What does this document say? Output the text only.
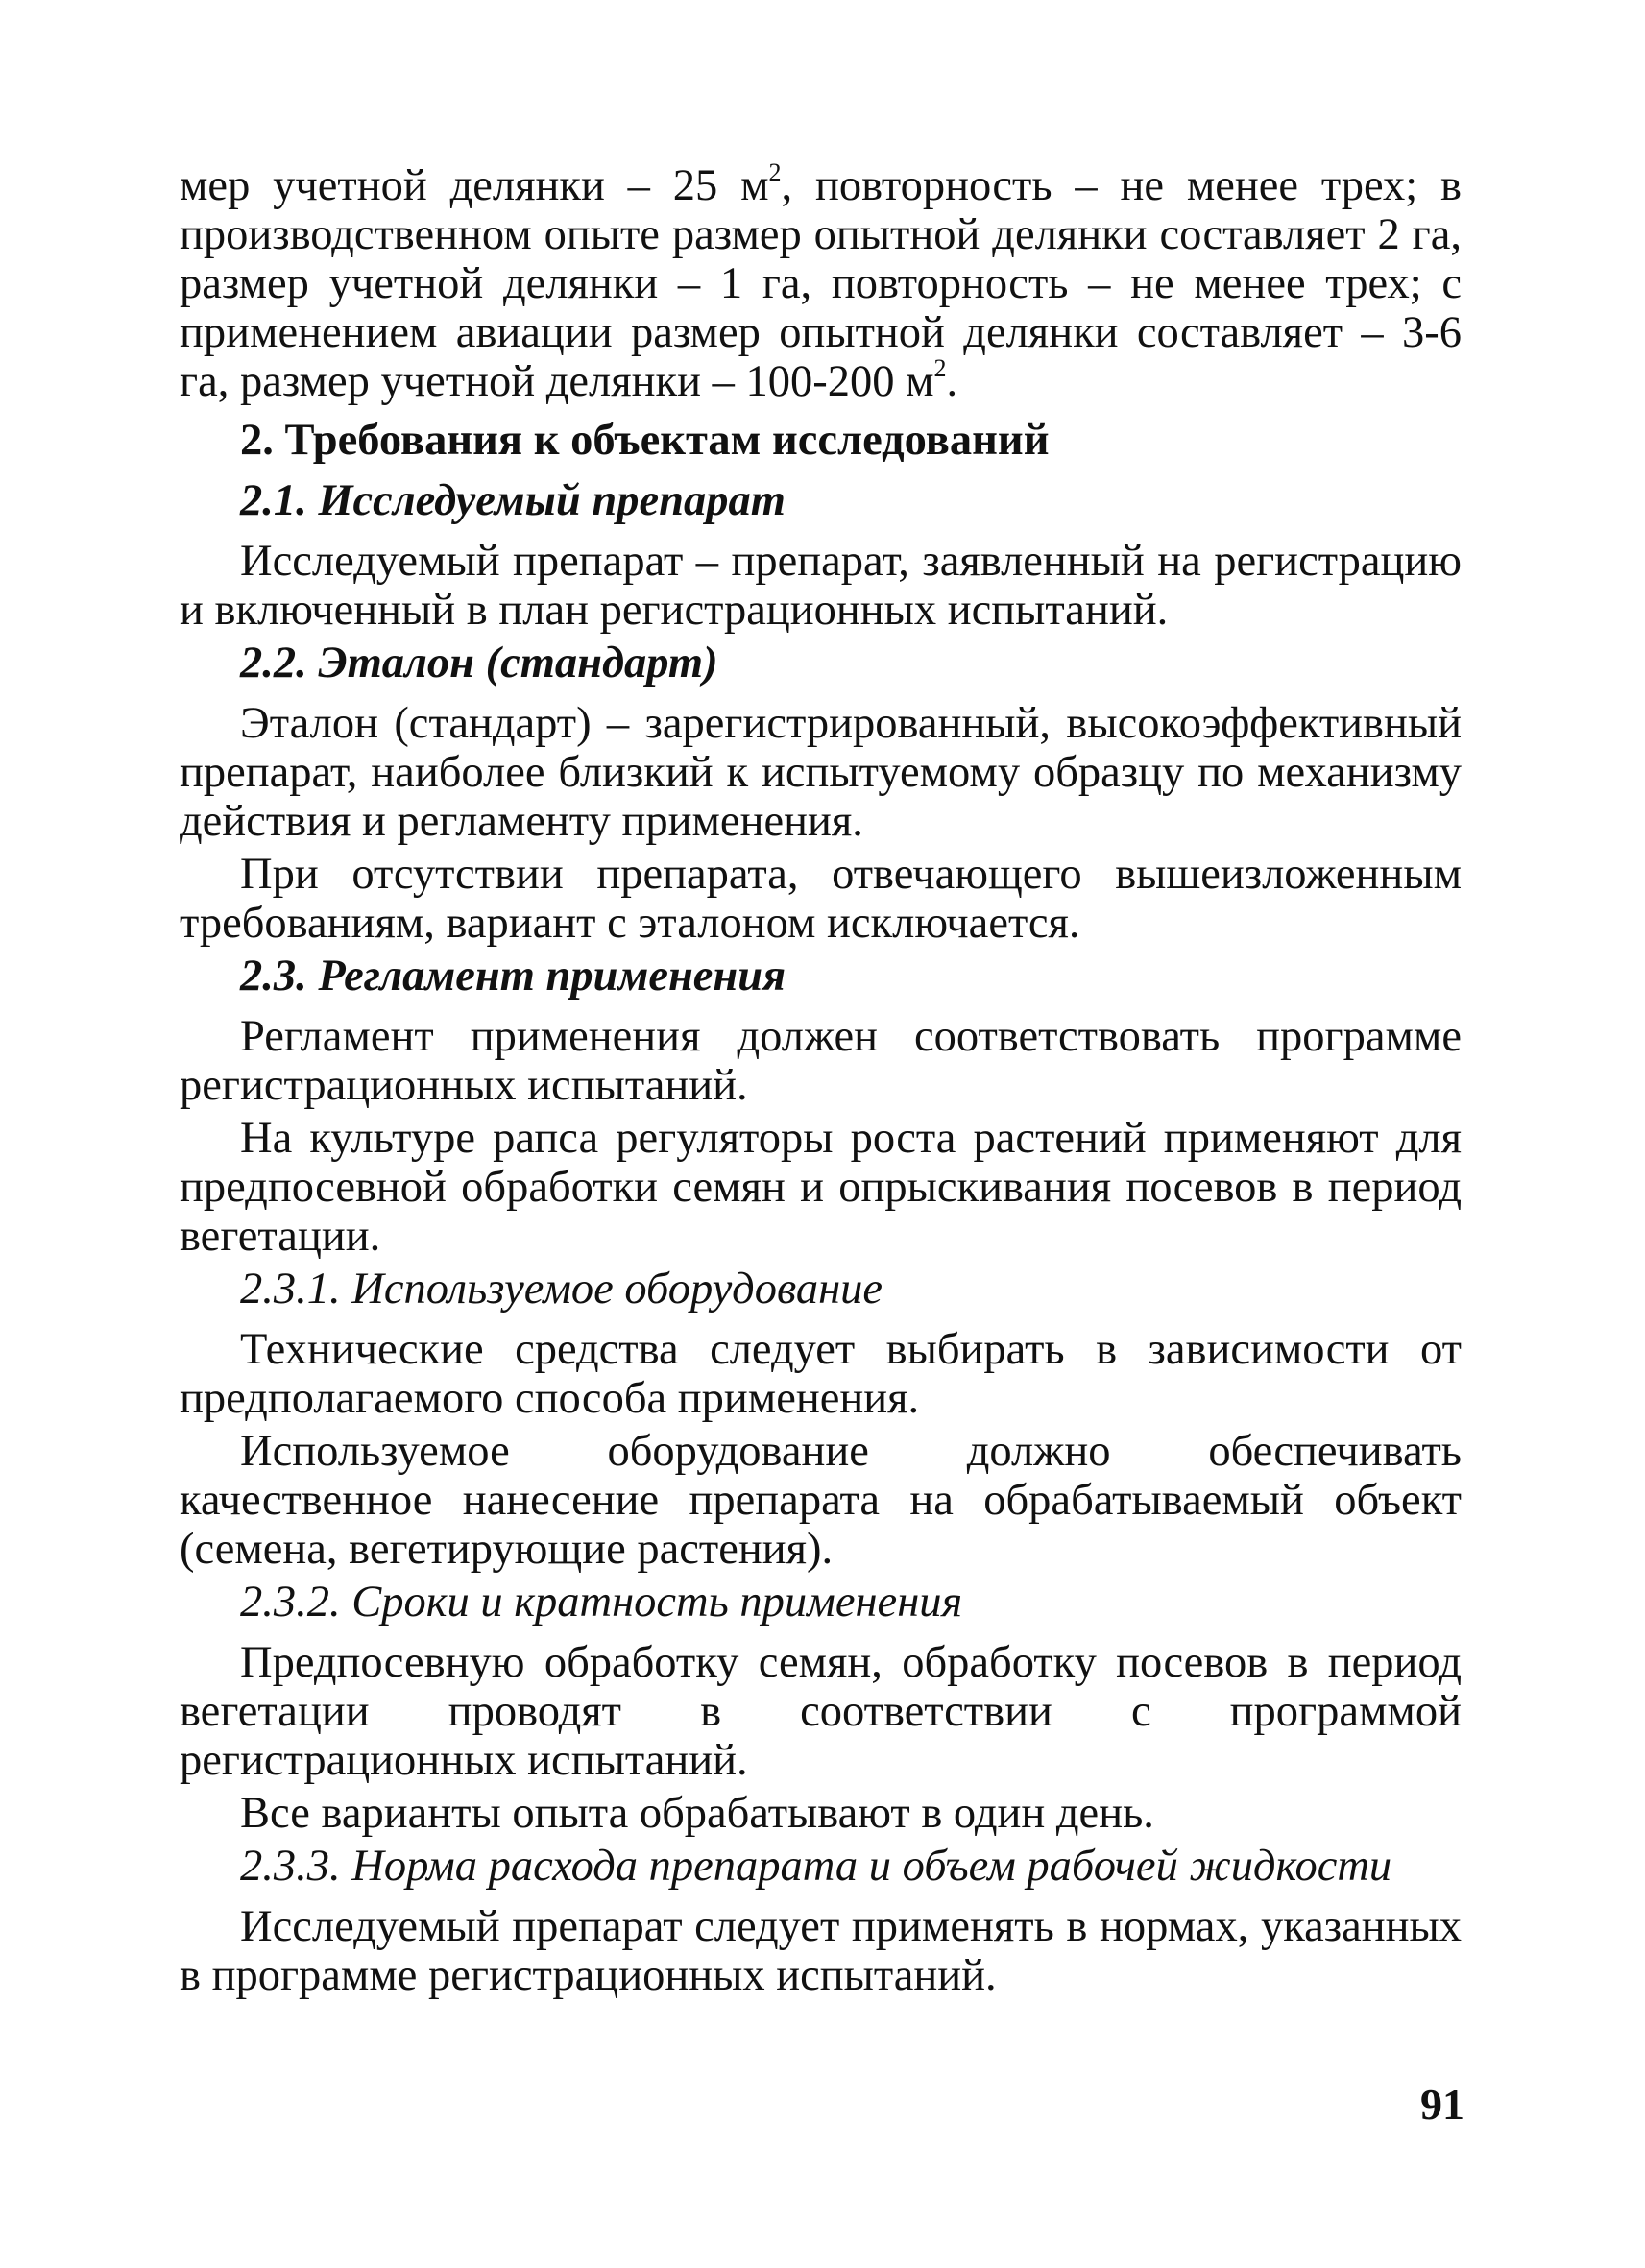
мер учетной делянки – 25 $м^2$, повторность – не менее трех; в производственном опыте размер опытной делянки составляет 2 га, размер учетной делянки – 1 га, повторность – не менее трех; с применением авиации размер опытной делянки составляет – 3-6 га, размер учетной делянки – 100-200 $м^2$.

2. Требования к объектам исследований
2.1. Исследуемый препарат

Исследуемый препарат – препарат, заявленный на регистрацию и включенный в план регистрационных испытаний.

2.2. Эталон (стандарт)

Эталон (стандарт) – зарегистрированный, высокоэффективный препарат, наиболее близкий к испытуемому образцу по механизму действия и регламенту применения.

При отсутствии препарата, отвечающего вышеизложенным требованиям, вариант с эталоном исключается.

2.3. Регламент применения

Регламент применения должен соответствовать программе регистрационных испытаний.

На культуре рапса регуляторы роста растений применяют для предпосевной обработки семян и опрыскивания посевов в период вегетации.

2.3.1. Используемое оборудование

Технические средства следует выбирать в зависимости от предполагаемого способа применения.

Используемое оборудование должно обеспечивать качественное нанесение препарата на обрабатываемый объект (семена, вегетирующие растения).

2.3.2. Сроки и кратность применения

Предпосевную обработку семян, обработку посевов в период вегетации проводят в соответствии с программой регистрационных испытаний.

Все варианты опыта обрабатывают в один день.

2.3.3. Норма расхода препарата и объем рабочей жидкости

Исследуемый препарат следует применять в нормах, указанных в программе регистрационных испытаний.

91
